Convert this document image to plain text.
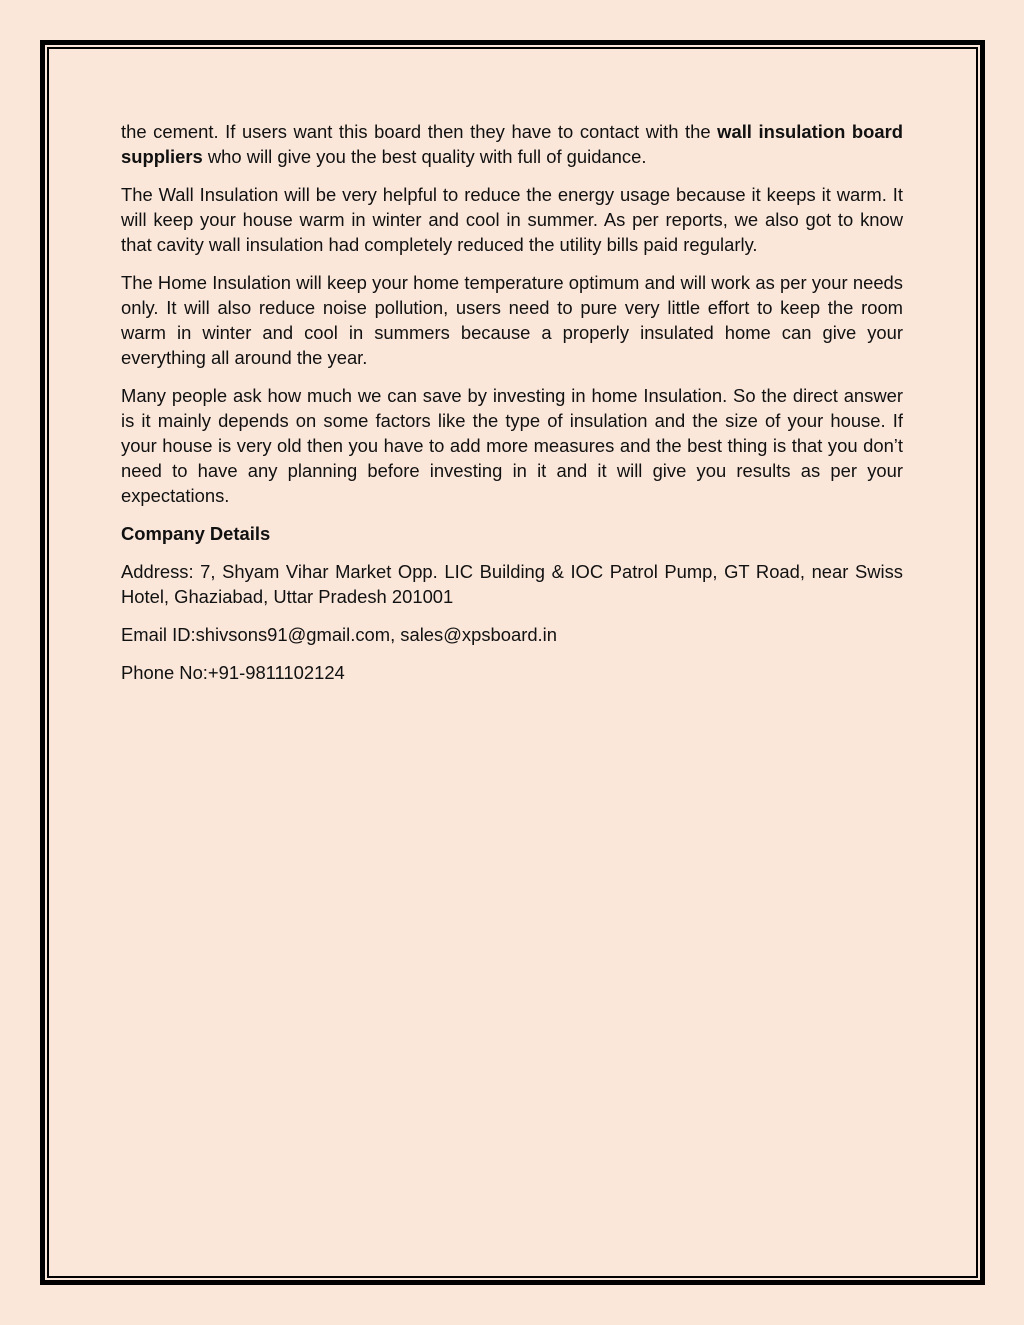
the cement. If users want this board then they have to contact with the wall insulation board suppliers who will give you the best quality with full of guidance.

The Wall Insulation will be very helpful to reduce the energy usage because it keeps it warm. It will keep your house warm in winter and cool in summer. As per reports, we also got to know that cavity wall insulation had completely reduced the utility bills paid regularly.

The Home Insulation will keep your home temperature optimum and will work as per your needs only. It will also reduce noise pollution, users need to pure very little effort to keep the room warm in winter and cool in summers because a properly insulated home can give your everything all around the year.

Many people ask how much we can save by investing in home Insulation. So the direct answer is it mainly depends on some factors like the type of insulation and the size of your house. If your house is very old then you have to add more measures and the best thing is that you don’t need to have any planning before investing in it and it will give you results as per your expectations.

Company Details

Address: 7, Shyam Vihar Market Opp. LIC Building & IOC Patrol Pump, GT Road, near Swiss Hotel, Ghaziabad, Uttar Pradesh 201001

Email ID:shivsons91@gmail.com, sales@xpsboard.in

Phone No:+91-9811102124
